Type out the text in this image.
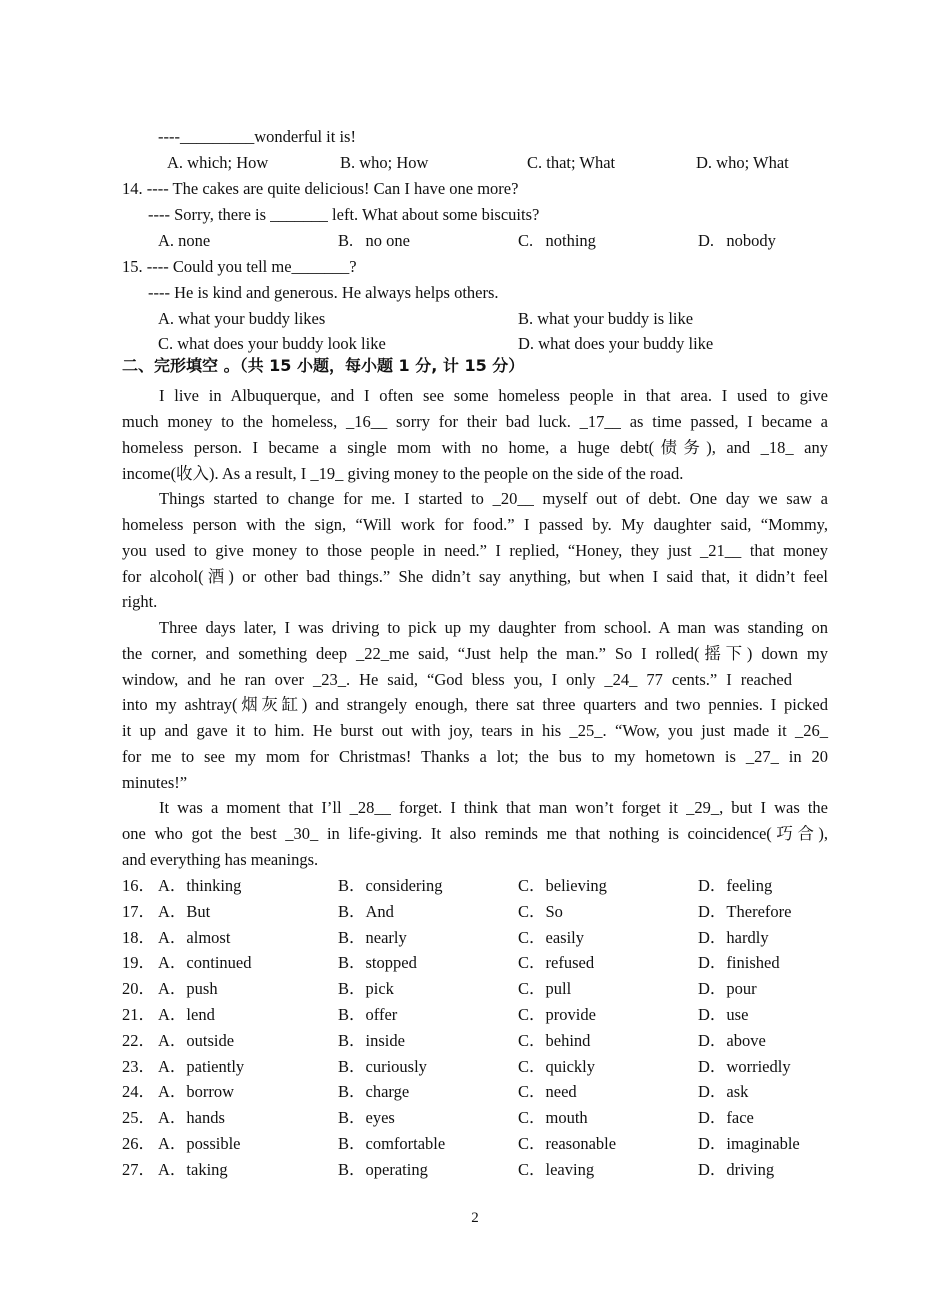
----_________wonderful it is!
A. which; How	B. who; How	C. that; What	D. who; What
14. ---- The cakes are quite delicious! Can I have one more?
---- Sorry, there is _______ left. What about some biscuits?
A. none	B.   no one	C.   nothing	D.   nobody
15. ---- Could you tell me_______?
---- He is kind and generous. He always helps others.
A. what your buddy likes	B. what your buddy is like
C. what does your buddy look like	D. what does your buddy like
二、完形填空 。（共 15 小题，每小题 1 分, 计 15 分）
I live in Albuquerque, and I often see some homeless people in that area. I used to give
much money to the homeless, _16__ sorry for their bad luck. _17__ as time passed, I became a
homeless person. I became a single mom with no home, a huge debt(债务), and _18_ any
income(收入). As a result, I _19_ giving money to the people on the side of the road.
Things started to change for me. I started to _20__ myself out of debt. One day we saw a
homeless person with the sign, “Will work for food.” I passed by. My daughter said, “Mommy,
you used to give money to those people in need.” I replied, “Honey, they just _21__ that money
for alcohol(酒) or other bad things.” She didn’t say anything, but when I said that, it didn’t feel
right.
Three days later, I was driving to pick up my daughter from school. A man was standing on
the corner, and something deep _22_me said, “Just help the man.” So I rolled(摇下) down my
window, and he ran over _23_. He said, “God bless you, I only _24_ 77 cents.” I reached
into my ashtray(烟灰缸) and strangely enough, there sat three quarters and two pennies. I picked
it up and gave it to him. He burst out with joy, tears in his _25_. “Wow, you just made it _26_
for me to see my mom for Christmas! Thanks a lot; the bus to my hometown is _27_ in 20
minutes!”
It was a moment that I’ll _28__ forget. I think that man won’t forget it _29_, but I was the
one who got the best _30_ in life-giving. It also reminds me that nothing is coincidence(巧合),
and everything has meanings.
16． A．thinking	B．considering	C．believing	D．feeling
17． A．But	B．And	C．So	D．Therefore
18． A．almost	B．nearly	C．easily	D．hardly
19． A．continued	B．stopped	C．refused	D．finished
20． A．push	B．pick	C．pull	D．pour
21． A．lend	B．offer	C．provide	D．use
22． A．outside	B．inside	C．behind	D．above
23． A．patiently	B．curiously	C．quickly	D．worriedly
24． A．borrow	B．charge	C．need	D．ask
25． A．hands	B．eyes	C．mouth	D．face
26． A．possible	B．comfortable	C．reasonable	D．imaginable
27． A．taking	B．operating	C．leaving	D．driving
2
